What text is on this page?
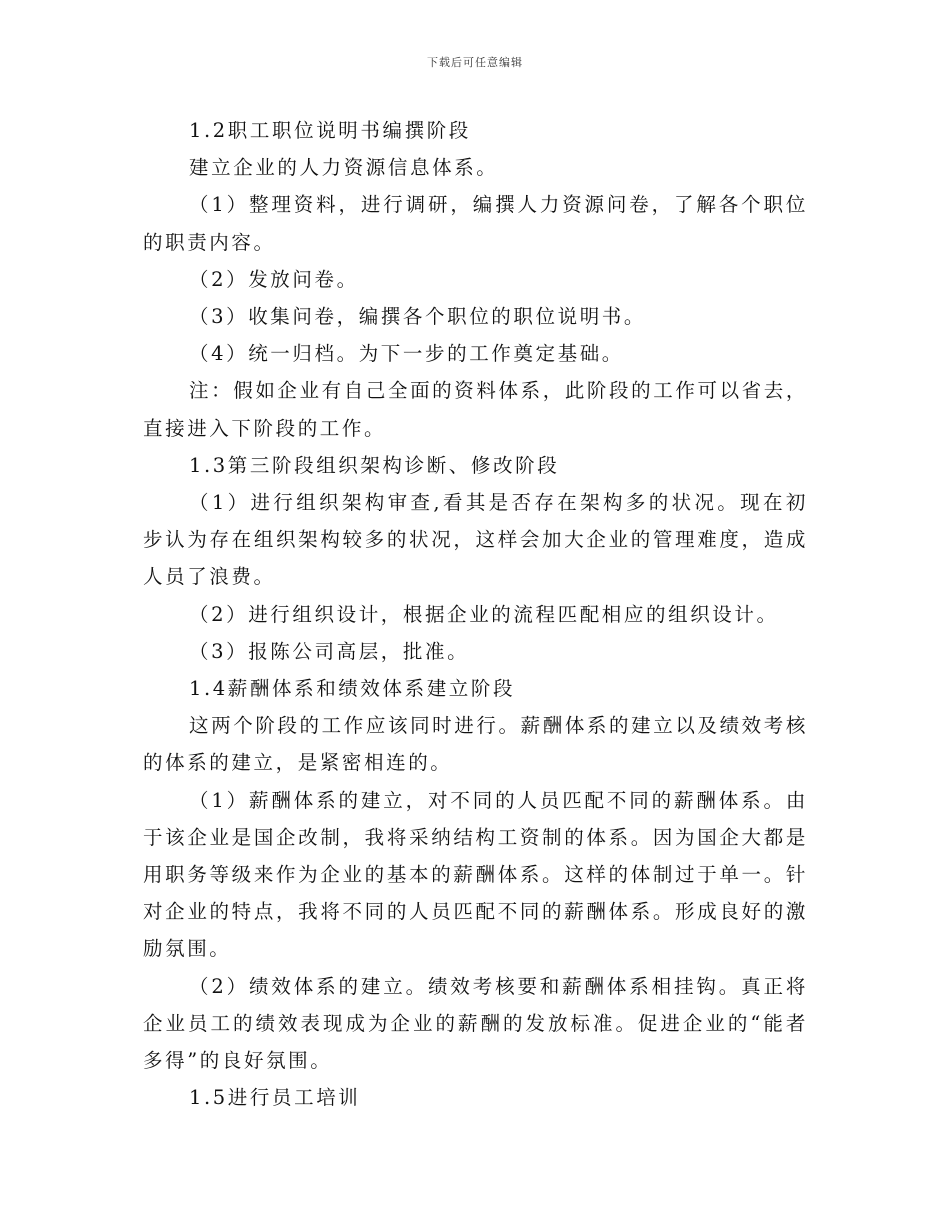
下载后可任意编辑

1.2职工职位说明书编撰阶段

建立企业的人力资源信息体系。

（1）整理资料，进行调研，编撰人力资源问卷，了解各个职位的职责内容。

（2）发放问卷。

（3）收集问卷，编撰各个职位的职位说明书。

（4）统一归档。为下一步的工作奠定基础。

注：假如企业有自己全面的资料体系，此阶段的工作可以省去，直接进入下阶段的工作。

1.3第三阶段组织架构诊断、修改阶段

（1）进行组织架构审查,看其是否存在架构多的状况。现在初步认为存在组织架构较多的状况，这样会加大企业的管理难度，造成人员了浪费。

（2）进行组织设计，根据企业的流程匹配相应的组织设计。

（3）报陈公司高层，批准。

1.4薪酬体系和绩效体系建立阶段

这两个阶段的工作应该同时进行。薪酬体系的建立以及绩效考核的体系的建立，是紧密相连的。

（1）薪酬体系的建立，对不同的人员匹配不同的薪酬体系。由于该企业是国企改制，我将采纳结构工资制的体系。因为国企大都是用职务等级来作为企业的基本的薪酬体系。这样的体制过于单一。针对企业的特点，我将不同的人员匹配不同的薪酬体系。形成良好的激励氛围。

（2）绩效体系的建立。绩效考核要和薪酬体系相挂钩。真正将企业员工的绩效表现成为企业的薪酬的发放标准。促进企业的“能者多得”的良好氛围。

1.5进行员工培训
